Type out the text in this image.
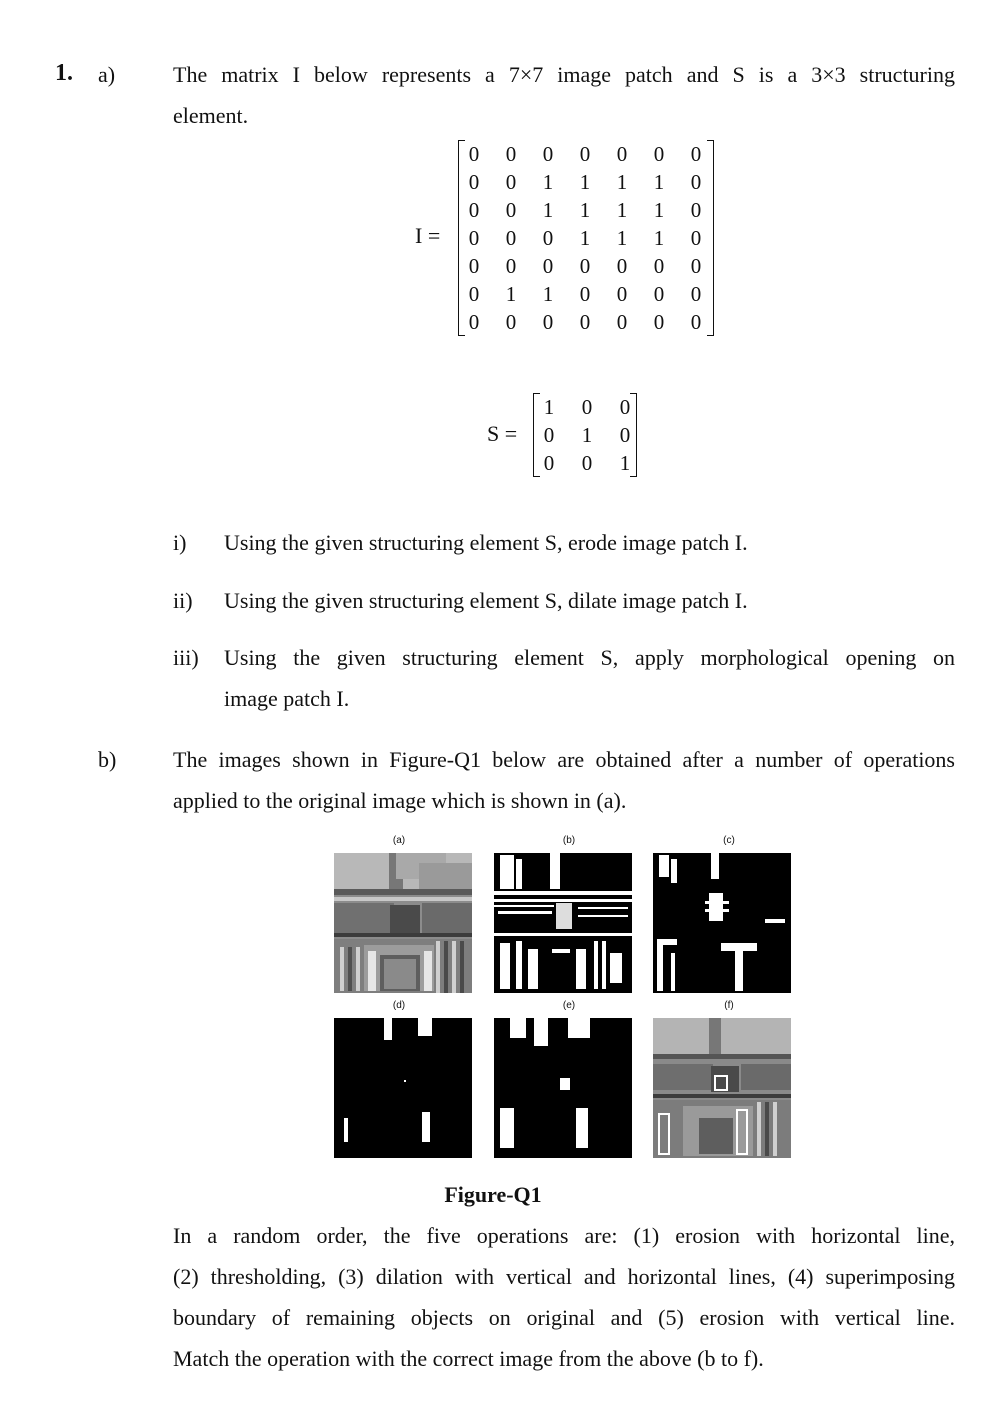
1. a)	The matrix I below represents a 7×7 image patch and S is a 3×3 structuring
element.
I =
0	0	0	0	0	0	0
0	0	1	1	1	1	0
0	0	1	1	1	1	0
0	0	0	1	1	1	0
0	0	0	0	0	0	0
0	1	1	0	0	0	0
0	0	0	0	0	0	0
S =
1	0	0
0	1	0
0	0	1
i) Using the given structuring element S, erode image patch I.
ii) Using the given structuring element S, dilate image patch I.
iii) Using the given structuring element S, apply morphological opening on
image patch I.
b)	The images shown in Figure-Q1 below are obtained after a number of operations
applied to the original image which is shown in (a).
(a)	(b)	(c)
(d)	(e)	(f)
Figure-Q1
In a random order, the five operations are: (1) erosion with horizontal line,
(2) thresholding, (3) dilation with vertical and horizontal lines, (4) superimposing
boundary of remaining objects on original and (5) erosion with vertical line.
Match the operation with the correct image from the above (b to f).
